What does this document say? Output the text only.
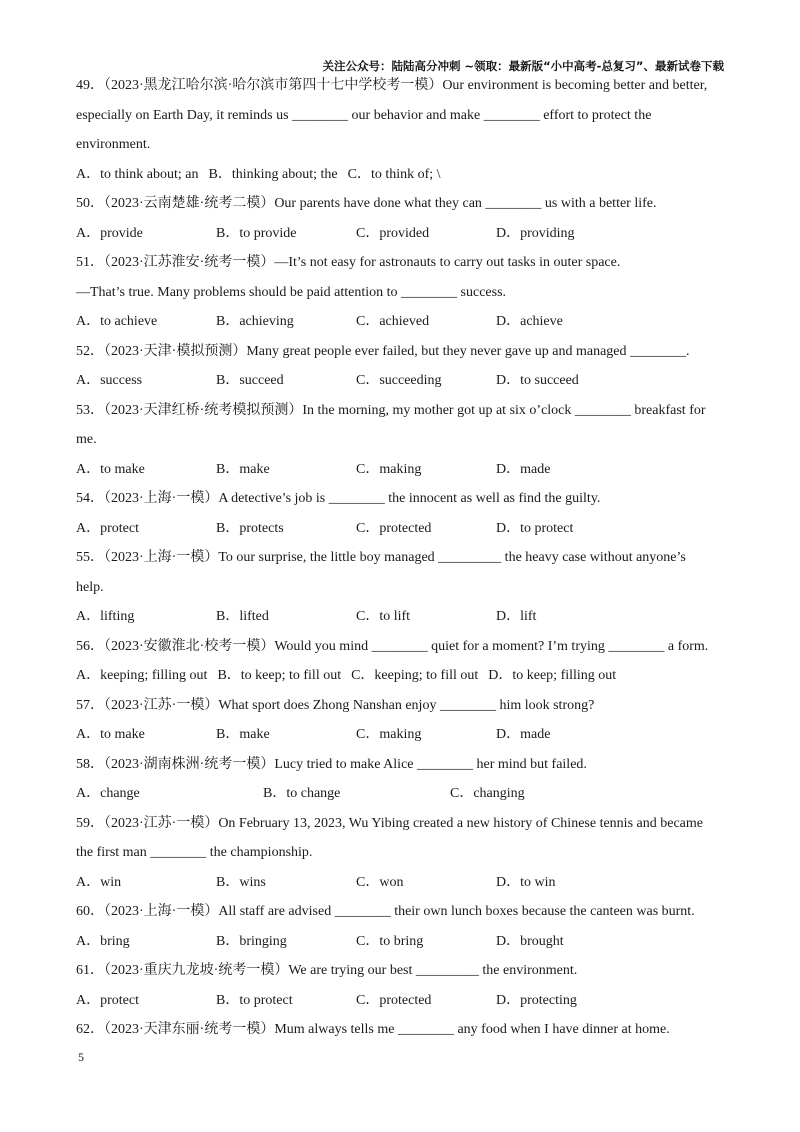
关注公众号：陆陆高分冲刺 ~领取：最新版“小中高考-总复习”、最新试卷下载
49．（2023·黑龙江哈尔滨·哈尔滨市第四十七中学校考一模）Our environment is becoming better and better,
especially on Earth Day, it reminds us ________ our behavior and make ________ effort to protect the
environment.
A．to think about; an B．thinking about; the C．to think of; \
50．（2023·云南楚雄·统考二模）Our parents have done what they can ________ us with a better life.
A．provide	B．to provide	C．provided	D．providing
51．（2023·江苏淮安·统考一模）—It’s not easy for astronauts to carry out tasks in outer space.
—That’s true. Many problems should be paid attention to ________ success.
A．to achieve	B．achieving	C．achieved	D．achieve
52．（2023·天津·模拟预测）Many great people ever failed, but they never gave up and managed ________.
A．success	B．succeed	C．succeeding	D．to succeed
53．（2023·天津红桥·统考模拟预测）In the morning, my mother got up at six o’clock ________ breakfast for
me.
A．to make	B．make	C．making	D．made
54．（2023·上海·一模）A detective’s job is ________ the innocent as well as find the guilty.
A．protect	B．protects	C．protected	D．to protect
55．（2023·上海·一模）To our surprise, the little boy managed _________ the heavy case without anyone’s
help.
A．lifting	B．lifted	C．to lift	D．lift
56．（2023·安徽淮北·校考一模）Would you mind ________ quiet for a moment? I’m trying ________ a form.
A．keeping; filling out B．to keep; to fill out C．keeping; to fill out D．to keep; filling out
57．（2023·江苏·一模）What sport does Zhong Nanshan enjoy ________ him look strong?
A．to make	B．make	C．making	D．made
58．（2023·湖南株洲·统考一模）Lucy tried to make Alice ________ her mind but failed.
A．change	B．to change	C．changing
59．（2023·江苏·一模）On February 13, 2023, Wu Yibing created a new history of Chinese tennis and became
the first man ________ the championship.
A．win	B．wins	C．won	D．to win
60．（2023·上海·一模）All staff are advised ________ their own lunch boxes because the canteen was burnt.
A．bring	B．bringing	C．to bring	D．brought
61．（2023·重庆九龙坡·统考一模）We are trying our best _________ the environment.
A．protect	B．to protect	C．protected	D．protecting
62．（2023·天津东丽·统考一模）Mum always tells me ________ any food when I have dinner at home.
5
